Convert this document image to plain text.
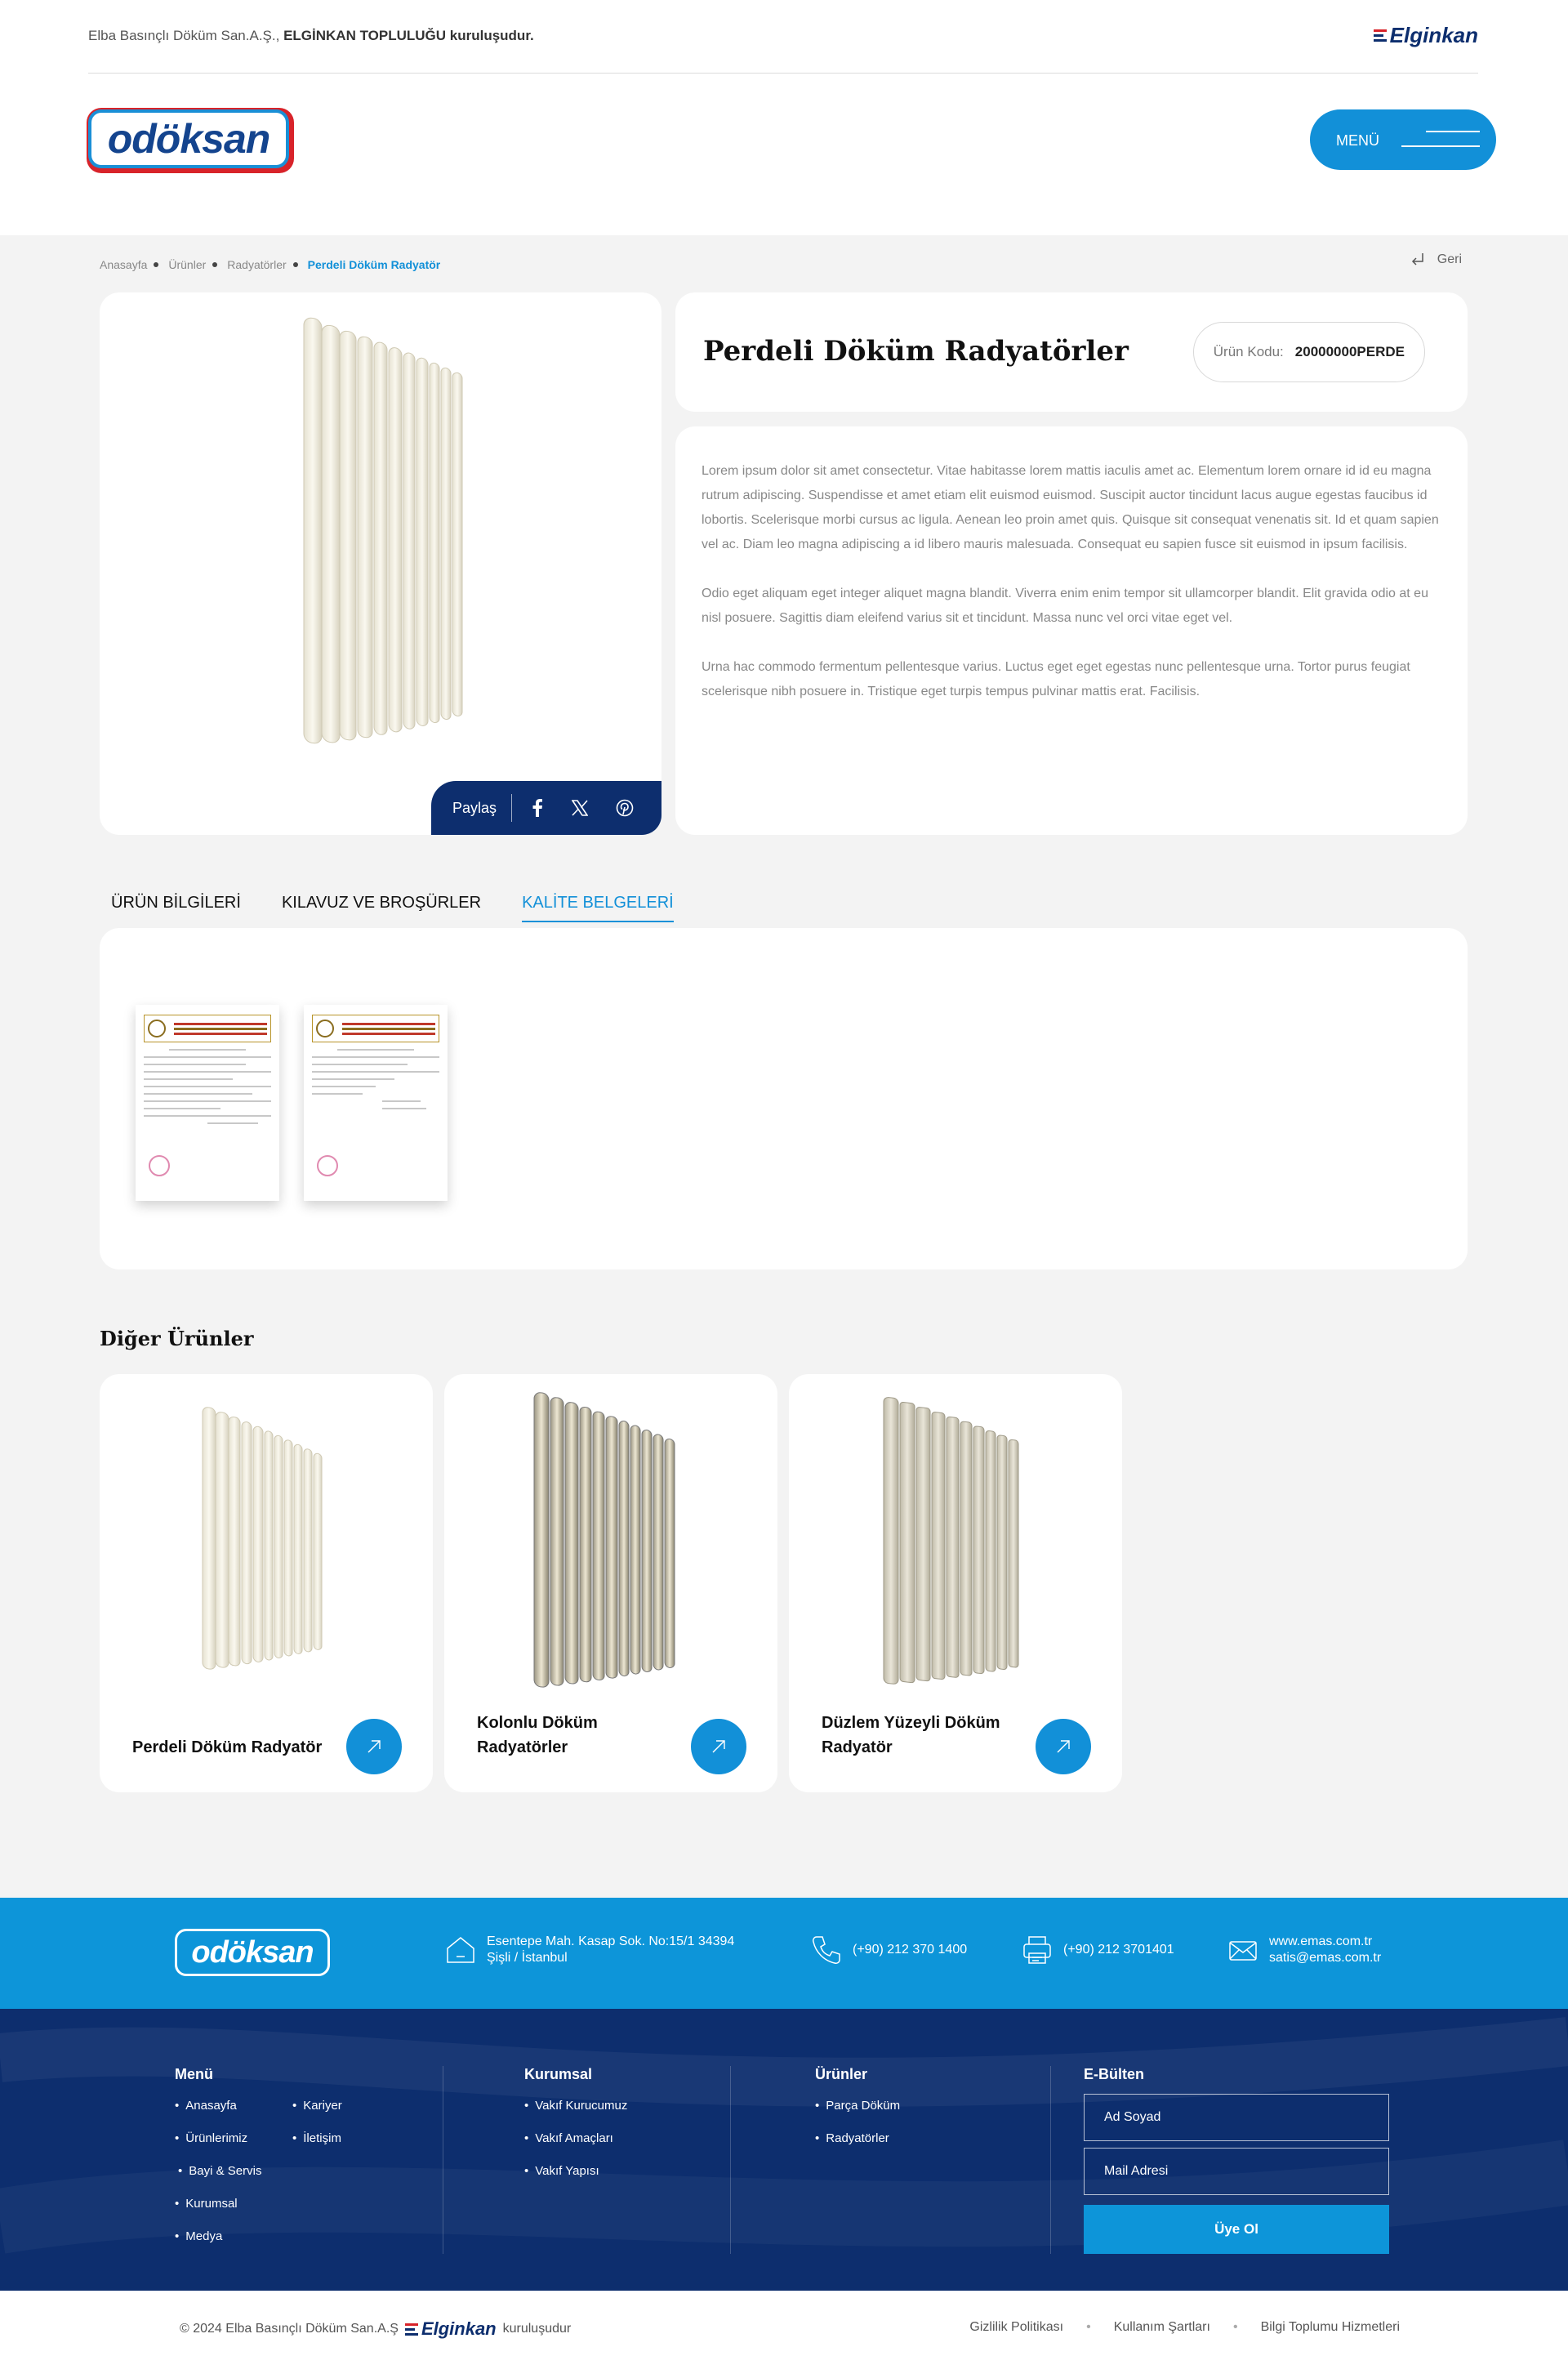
Elba Basınçlı Döküm San.A.Ş., ELGİNKAN TOPLULUĞU kuruluşudur.	Elginkan
odöksan	MENÜ
Anasayfa Ürünler Radyatörler Perdeli Döküm Radyatör	Geri
Paylaş
Perdeli Döküm Radyatörler	Ürün Kodu: 20000000PERDE

Lorem ipsum dolor sit amet consectetur. Vitae habitasse lorem mattis iaculis amet ac. Elementum lorem ornare id id eu magna rutrum adipiscing. Suspendisse et amet etiam elit euismod euismod. Suscipit auctor tincidunt lacus augue egestas faucibus id lobortis. Scelerisque morbi cursus ac ligula. Aenean leo proin amet quis. Quisque sit consequat venenatis sit. Id et quam sapien vel ac. Diam leo magna adipiscing a id libero mauris malesuada. Consequat eu sapien fusce sit euismod in ipsum facilisis.

Odio eget aliquam eget integer aliquet magna blandit. Viverra enim enim tempor sit ullamcorper blandit. Elit gravida odio at eu nisl posuere. Sagittis diam eleifend varius sit et tincidunt. Massa nunc vel orci vitae eget vel.

Urna hac commodo fermentum pellentesque varius. Luctus eget eget egestas nunc pellentesque urna. Tortor purus feugiat scelerisque nibh posuere in. Tristique eget turpis tempus pulvinar mattis erat. Facilisis.

ÜRÜN BİLGİLERİ	KILAVUZ VE BROŞÜRLER	KALİTE BELGELERİ
Diğer Ürünler
Perdeli Döküm Radyatör
Kolonlu Döküm Radyatörler
Düzlem Yüzeyli Döküm Radyatör
odöksan	Esentepe Mah. Kasap Sok. No:15/1 34394
Şişli / İstanbul
(+90) 212 370 1400	(+90) 212 3701401
www.emas.com.tr
satis@emas.com.tr
Menü
• Anasayfa
• Ürünlerimiz
• Bayi & Servis
• Kurumsal
• Medya
• Kariyer
• İletişim
Kurumsal
• Vakıf Kurucumuz
• Vakıf Amaçları
• Vakıf Yapısı
Ürünler
• Parça Döküm
• Radyatörler
E-Bülten
Ad Soyad
Mail Adresi
Üye Ol
© 2024 Elba Basınçlı Döküm San.A.Ş Elginkan kuruluşudur	Gizlilik Politikası • Kullanım Şartları • Bilgi Toplumu Hizmetleri
